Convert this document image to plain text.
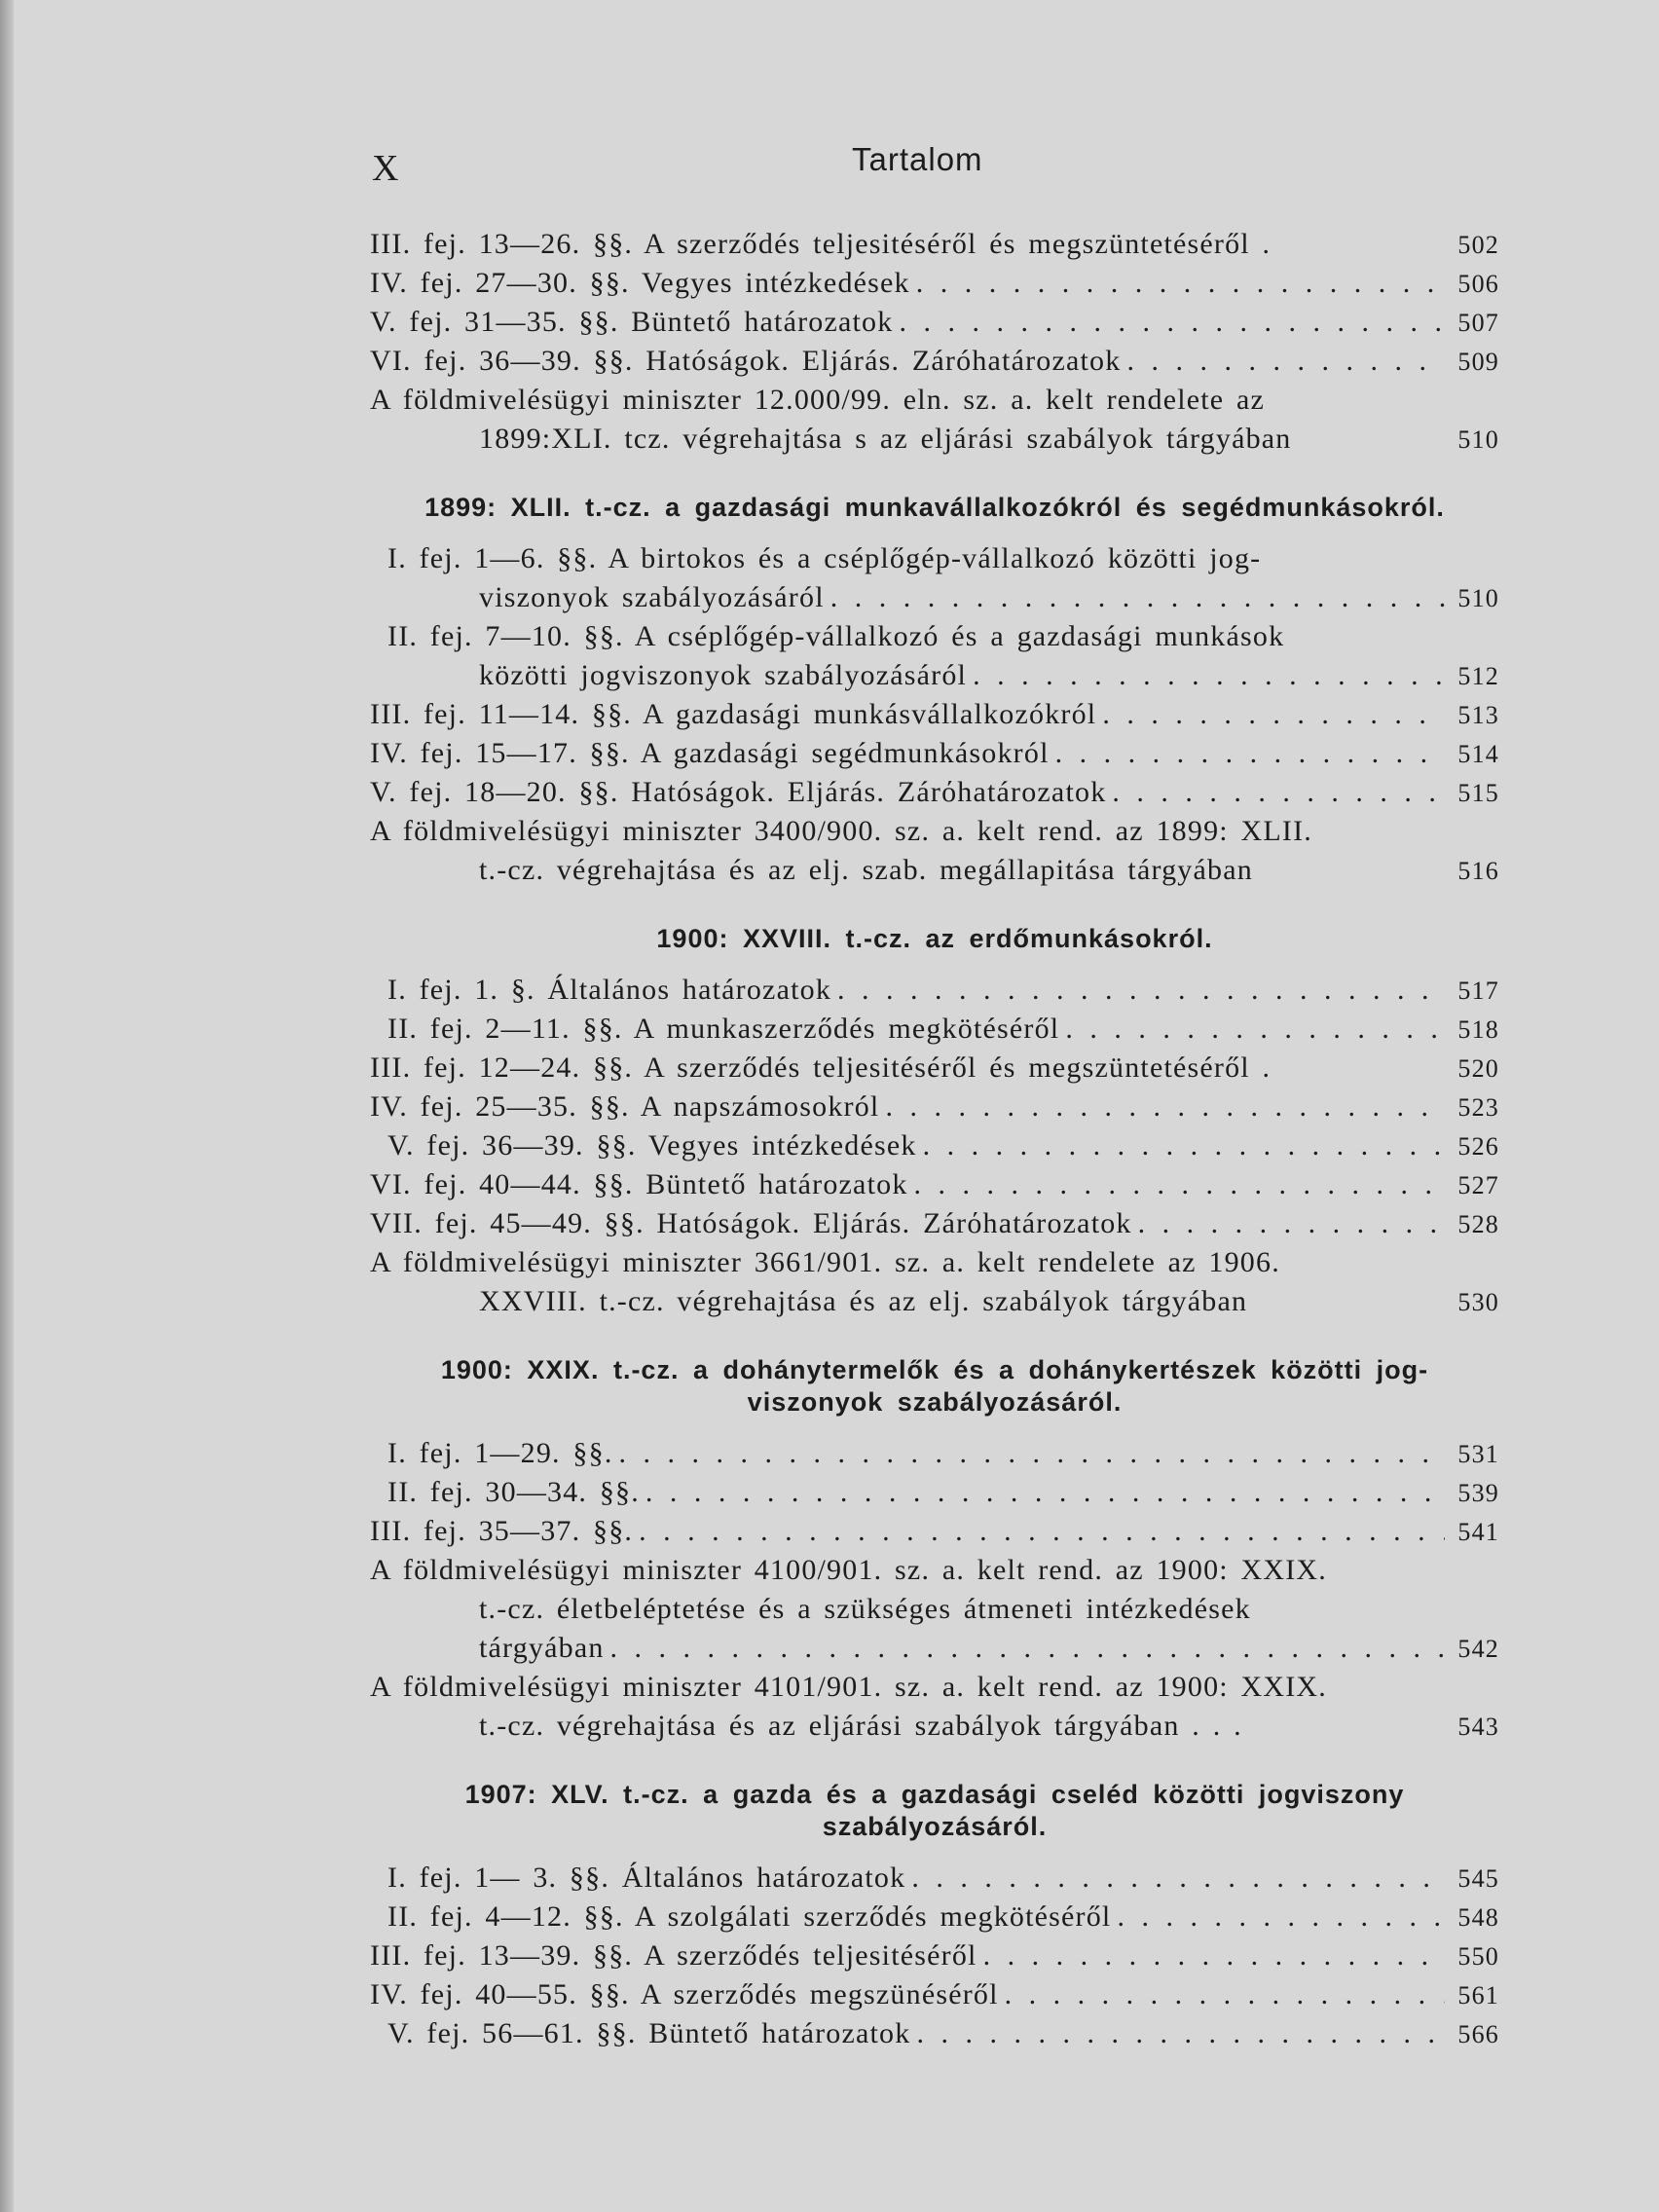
X	Tartalom
III. fej. 13—26. §§. A szerződés teljesitéséről és megszüntetéséről .	502
IV. fej. 27—30. §§. Vegyes intézkedések . . .	506
V. fej. 31—35. §§. Büntető határozatok . . .	507
VI. fej. 36—39. §§. Hatóságok. Eljárás. Záróhatározatok . . .	509
A földmivelésügyi miniszter 12.000/99. eln. sz. a. kelt rendelete az
1899:XLI. tcz. végrehajtása s az eljárási szabályok tárgyában	510
1899: XLII. t.-cz. a gazdasági munkavállalkozókról és segédmunkásokról.
I. fej. 1—6. §§. A birtokos és a cséplőgép-vállalkozó közötti jog-
viszonyok szabályozásáról . . .	510
II. fej. 7—10. §§. A cséplőgép-vállalkozó és a gazdasági munkások
közötti jogviszonyok szabályozásáról . . .	512
III. fej. 11—14. §§. A gazdasági munkásvállalkozókról . . .	513
IV. fej. 15—17. §§. A gazdasági segédmunkásokról . . .	514
V. fej. 18—20. §§. Hatóságok. Eljárás. Zárόhatározatok . . .	515
A földmivelésügyi miniszter 3400/900. sz. a. kelt rend. az 1899: XLII.
t.-cz. végrehajtása és az elj. szab. megállapitása tárgyában	516
1900: XXVIII. t.-cz. az erdőmunkásokról.
I. fej. 1. §. Általános határozatok . . .	517
II. fej. 2—11. §§. A munkaszerződés megkötéséről . . .	518
III. fej. 12—24. §§. A szerződés teljesitéséről és megszüntetéséről .	520
IV. fej. 25—35. §§. A napszámosokról . . .	523
V. fej. 36—39. §§. Vegyes intézkedések . . .	526
VI. fej. 40—44. §§. Büntető határozatok . . .	527
VII. fej. 45—49. §§. Hatóságok. Eljárás. Zárόhatározatok . . .	528
A földmivelésügyi miniszter 3661/901. sz. a. kelt rendelete az 1906.
XXVIII. t.-cz. végrehajtása és az elj. szabályok tárgyában	530
1900: XXIX. t.-cz. a dohánytermelők és a dohánykertészek közötti jog-
viszonyok szabályozásáról.
I. fej. 1—29. §§. . . .	531
II. fej. 30—34. §§. . . .	539
III. fej. 35—37. §§. . . .	541
A földmivelésügyi miniszter 4100/901. sz. a. kelt rend. az 1900: XXIX.
t.-cz. életbeléptetése és a szükséges átmeneti intézkedések
tárgyában . . .	542
A földmivelésügyi miniszter 4101/901. sz. a. kelt rend. az 1900: XXIX.
t.-cz. végrehajtása és az eljárási szabályok tárgyában . . .	543
1907: XLV. t.-cz. a gazda és a gazdasági cseléd közötti jogviszony
szabályozásáról.
I. fej. 1— 3. §§. Általános határozatok . . .	545
II. fej. 4—12. §§. A szolgálati szerződés megkötéséről . . .	548
III. fej. 13—39. §§. A szerződés teljesitéséről . . .	550
IV. fej. 40—55. §§. A szerződés megszünéséről . . .	561
V. fej. 56—61. §§. Büntető határozatok . . .	566
